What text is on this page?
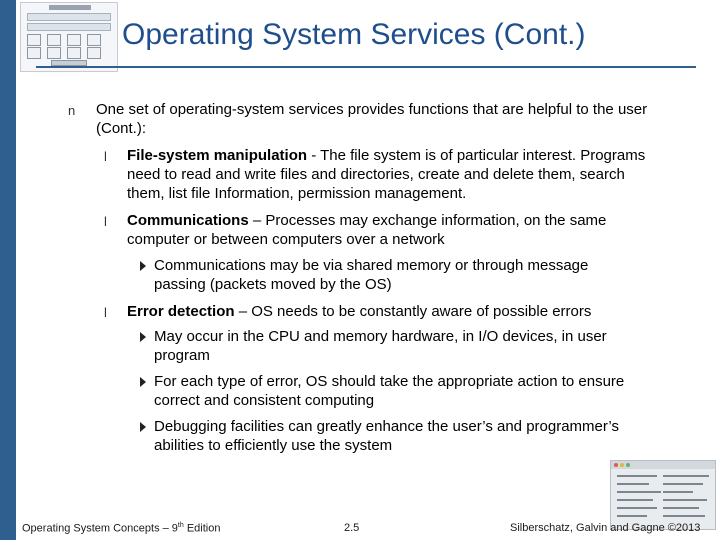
Operating System Services (Cont.)
n One set of operating-system services provides functions that are helpful to the user (Cont.):
l File-system manipulation - The file system is of particular interest. Programs need to read and write files and directories, create and delete them, search them, list file Information, permission management.
l Communications – Processes may exchange information, on the same computer or between computers over a network
Communications may be via shared memory or through message passing (packets moved by the OS)
l Error detection – OS needs to be constantly aware of possible errors
May occur in the CPU and memory hardware, in I/O devices, in user program
For each type of error, OS should take the appropriate action to ensure correct and consistent computing
Debugging facilities can greatly enhance the user’s and programmer’s abilities to efficiently use the system
Operating System Concepts – 9th Edition	2.5	Silberschatz, Galvin and Gagne ©2013
